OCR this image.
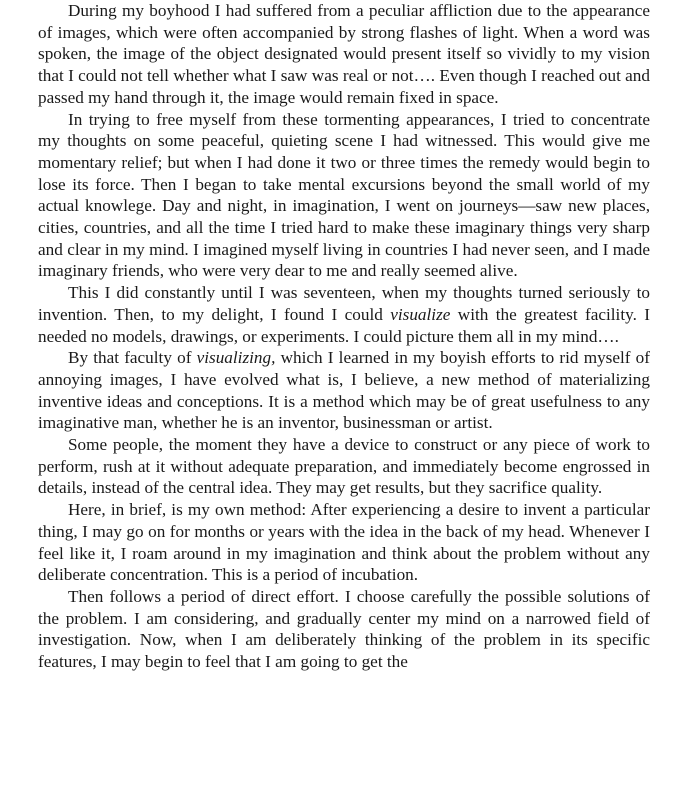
During my boyhood I had suffered from a peculiar affliction due to the appearance of images, which were often accompanied by strong flashes of light. When a word was spoken, the image of the object designated would present itself so vividly to my vision that I could not tell whether what I saw was real or not…. Even though I reached out and passed my hand through it, the image would remain fixed in space.

In trying to free myself from these tormenting appearances, I tried to concentrate my thoughts on some peaceful, quieting scene I had witnessed. This would give me momentary relief; but when I had done it two or three times the remedy would begin to lose its force. Then I began to take mental excursions beyond the small world of my actual knowlege. Day and night, in imagination, I went on journeys—saw new places, cities, countries, and all the time I tried hard to make these imaginary things very sharp and clear in my mind. I imagined myself living in countries I had never seen, and I made imaginary friends, who were very dear to me and really seemed alive.

This I did constantly until I was seventeen, when my thoughts turned seriously to invention. Then, to my delight, I found I could visualize with the greatest facility. I needed no models, drawings, or experiments. I could picture them all in my mind….

By that faculty of visualizing, which I learned in my boyish efforts to rid myself of annoying images, I have evolved what is, I believe, a new method of materializing inventive ideas and conceptions. It is a method which may be of great usefulness to any imaginative man, whether he is an inventor, businessman or artist.

Some people, the moment they have a device to construct or any piece of work to perform, rush at it without adequate preparation, and immediately become engrossed in details, instead of the central idea. They may get results, but they sacrifice quality.

Here, in brief, is my own method: After experiencing a desire to invent a particular thing, I may go on for months or years with the idea in the back of my head. Whenever I feel like it, I roam around in my imagination and think about the problem without any deliberate concentration. This is a period of incubation.

Then follows a period of direct effort. I choose carefully the possible solutions of the problem. I am considering, and gradually center my mind on a narrowed field of investigation. Now, when I am deliberately thinking of the problem in its specific features, I may begin to feel that I am going to get the
